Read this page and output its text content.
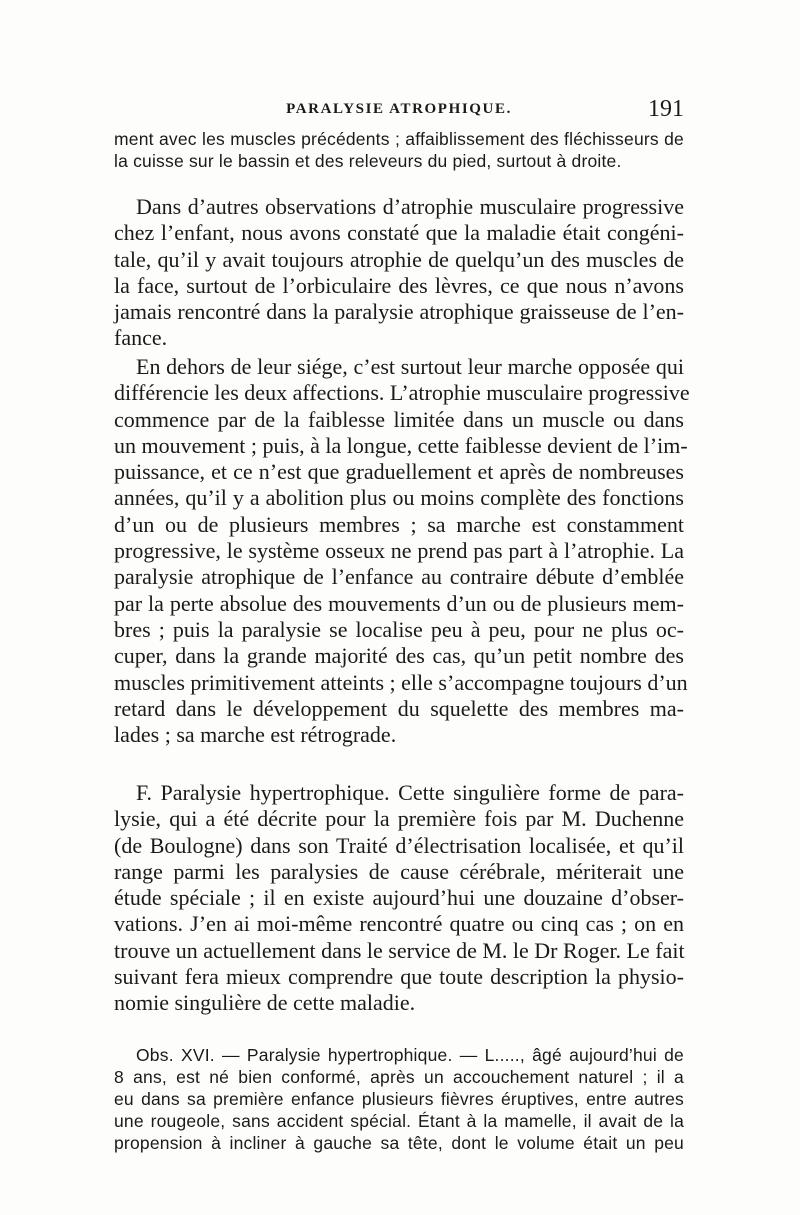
PARALYSIE ATROPHIQUE.	191

ment avec les muscles précédents ; affaiblissement des fléchisseurs de
la cuisse sur le bassin et des releveurs du pied, surtout à droite.

Dans d’autres observations d’atrophie musculaire progressive
chez l’enfant, nous avons constaté que la maladie était congéni-
tale, qu’il y avait toujours atrophie de quelqu’un des muscles de
la face, surtout de l’orbiculaire des lèvres, ce que nous n’avons
jamais rencontré dans la paralysie atrophique graisseuse de l’en-
fance.

En dehors de leur siége, c’est surtout leur marche opposée qui
différencie les deux affections. L’atrophie musculaire progressive
commence par de la faiblesse limitée dans un muscle ou dans
un mouvement ; puis, à la longue, cette faiblesse devient de l’im-
puissance, et ce n’est que graduellement et après de nombreuses
années, qu’il y a abolition plus ou moins complète des fonctions
d’un ou de plusieurs membres ; sa marche est constamment
progressive, le système osseux ne prend pas part à l’atrophie. La
paralysie atrophique de l’enfance au contraire débute d’emblée
par la perte absolue des mouvements d’un ou de plusieurs mem-
bres ; puis la paralysie se localise peu à peu, pour ne plus oc-
cuper, dans la grande majorité des cas, qu’un petit nombre des
muscles primitivement atteints ; elle s’accompagne toujours d’un
retard dans le développement du squelette des membres ma-
lades ; sa marche est rétrograde.

F. Paralysie hypertrophique. Cette singulière forme de para-
lysie, qui a été décrite pour la première fois par M. Duchenne
(de Boulogne) dans son Traité d’électrisation localisée, et qu’il
range parmi les paralysies de cause cérébrale, mériterait une
étude spéciale ; il en existe aujourd’hui une douzaine d’obser-
vations. J’en ai moi-même rencontré quatre ou cinq cas ; on en
trouve un actuellement dans le service de M. le Dr Roger. Le fait
suivant fera mieux comprendre que toute description la physio-
nomie singulière de cette maladie.

Obs. XVI. — Paralysie hypertrophique. — L....., âgé aujourd’hui de
8 ans, est né bien conformé, après un accouchement naturel ; il a
eu dans sa première enfance plusieurs fièvres éruptives, entre autres
une rougeole, sans accident spécial. Étant à la mamelle, il avait de la
propension à incliner à gauche sa tête, dont le volume était un peu
